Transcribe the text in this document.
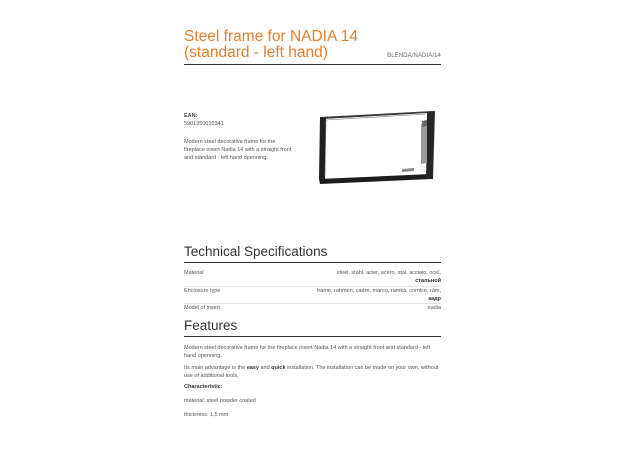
Steel frame for NADIA 14
(standard - left hand)	BLENDA/NADIA/14
EAN:
5901350010341

Modern steel decorative frame for the fireplace insert Nadia 14 with a straight front and standard - left hand openning.

Technical Specifications
Material	steel, stahl, acier, acero, stal, acciaio, ocel,
стальной
Enclosure type	frame, rahmen, cadre, marco, ramka, cornice, rám,
кадр
Model of insert	nadia
Features

Modern steel decorative frame for the fireplace insert Nadia 14 with a straight front and standard - left hand openning.

Its main advantage is the easy and quick installation. The installation can be made on your own, without use of additional tools.

Characteristic:

material: steel powder coated

thickness: 1,5 mm.
